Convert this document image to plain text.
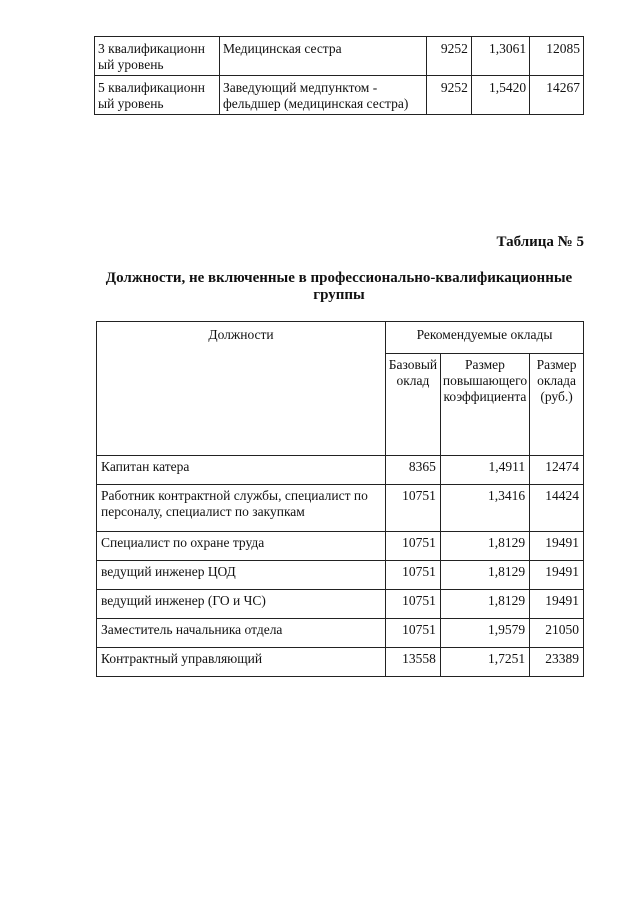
3 квалификационн ый уровень	Медицинская сестра	9252	1,3061	12085
5 квалификационн ый уровень	Заведующий медпунктом - фельдшер (медицинская сестра)	9252	1,5420	14267
Таблица № 5
Должности, не включенные в профессионально-квалификационные группы
Должности	Рекомендуемые оклады		
	Базовый оклад	Размер повышающего коэффициента	Размер оклада (руб.)
Капитан катера	8365	1,4911	12474
Работник контрактной службы, специалист по персоналу, специалист по закупкам	10751	1,3416	14424
Специалист по охране труда	10751	1,8129	19491
ведущий инженер ЦОД	10751	1,8129	19491
ведущий инженер (ГО и ЧС)	10751	1,8129	19491
Заместитель начальника отдела	10751	1,9579	21050
Контрактный управляющий	13558	1,7251	23389
